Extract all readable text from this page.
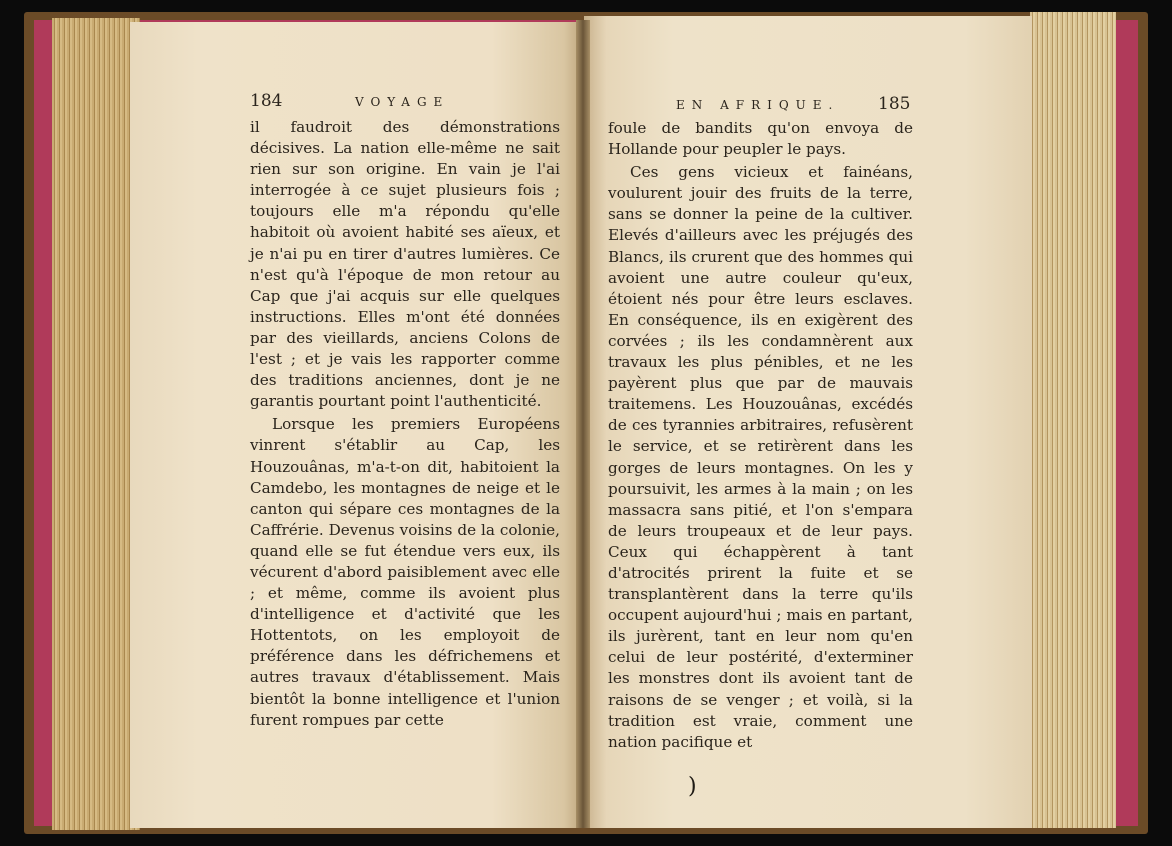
184	VOYAGE

il faudroit des démonstrations décisives. La nation elle-même ne sait rien sur son origine. En vain je l'ai interrogée à ce sujet plusieurs fois ; toujours elle m'a répondu qu'elle habitoit où avoient habité ses aïeux, et je n'ai pu en tirer d'autres lumières. Ce n'est qu'à l'époque de mon retour au Cap que j'ai acquis sur elle quelques instructions. Elles m'ont été données par des vieillards, anciens Colons de l'est ; et je vais les rapporter comme des traditions anciennes, dont je ne garantis pourtant point l'authenticité.

Lorsque les premiers Européens vinrent s'établir au Cap, les Houzouânas, m'a-t-on dit, habitoient la Camdebo, les montagnes de neige et le canton qui sépare ces montagnes de la Caffrérie. Devenus voisins de la colonie, quand elle se fut étendue vers eux, ils vécurent d'abord paisiblement avec elle ; et même, comme ils avoient plus d'intelligence et d'activité que les Hottentots, on les employoit de préférence dans les défrichemens et autres travaux d'établissement. Mais bientôt la bonne intelligence et l'union furent rompues par cette

EN AFRIQUE. 185

foule de bandits qu'on envoya de Hollande pour peupler le pays.

Ces gens vicieux et fainéans, voulurent jouir des fruits de la terre, sans se donner la peine de la cultiver. Elevés d'ailleurs avec les préjugés des Blancs, ils crurent que des hommes qui avoient une autre couleur qu'eux, étoient nés pour être leurs esclaves. En conséquence, ils en exigèrent des corvées ; ils les condamnèrent aux travaux les plus pénibles, et ne les payèrent plus que par de mauvais traitemens. Les Houzouânas, excédés de ces tyrannies arbitraires, refusèrent le service, et se retirèrent dans les gorges de leurs montagnes. On les y poursuivit, les armes à la main ; on les massacra sans pitié, et l'on s'empara de leurs troupeaux et de leur pays. Ceux qui échappèrent à tant d'atrocités prirent la fuite et se transplantèrent dans la terre qu'ils occupent aujourd'hui ; mais en partant, ils jurèrent, tant en leur nom qu'en celui de leur postérité, d'exterminer les monstres dont ils avoient tant de raisons de se venger ; et voilà, si la tradition est vraie, comment une nation pacifique et

)
